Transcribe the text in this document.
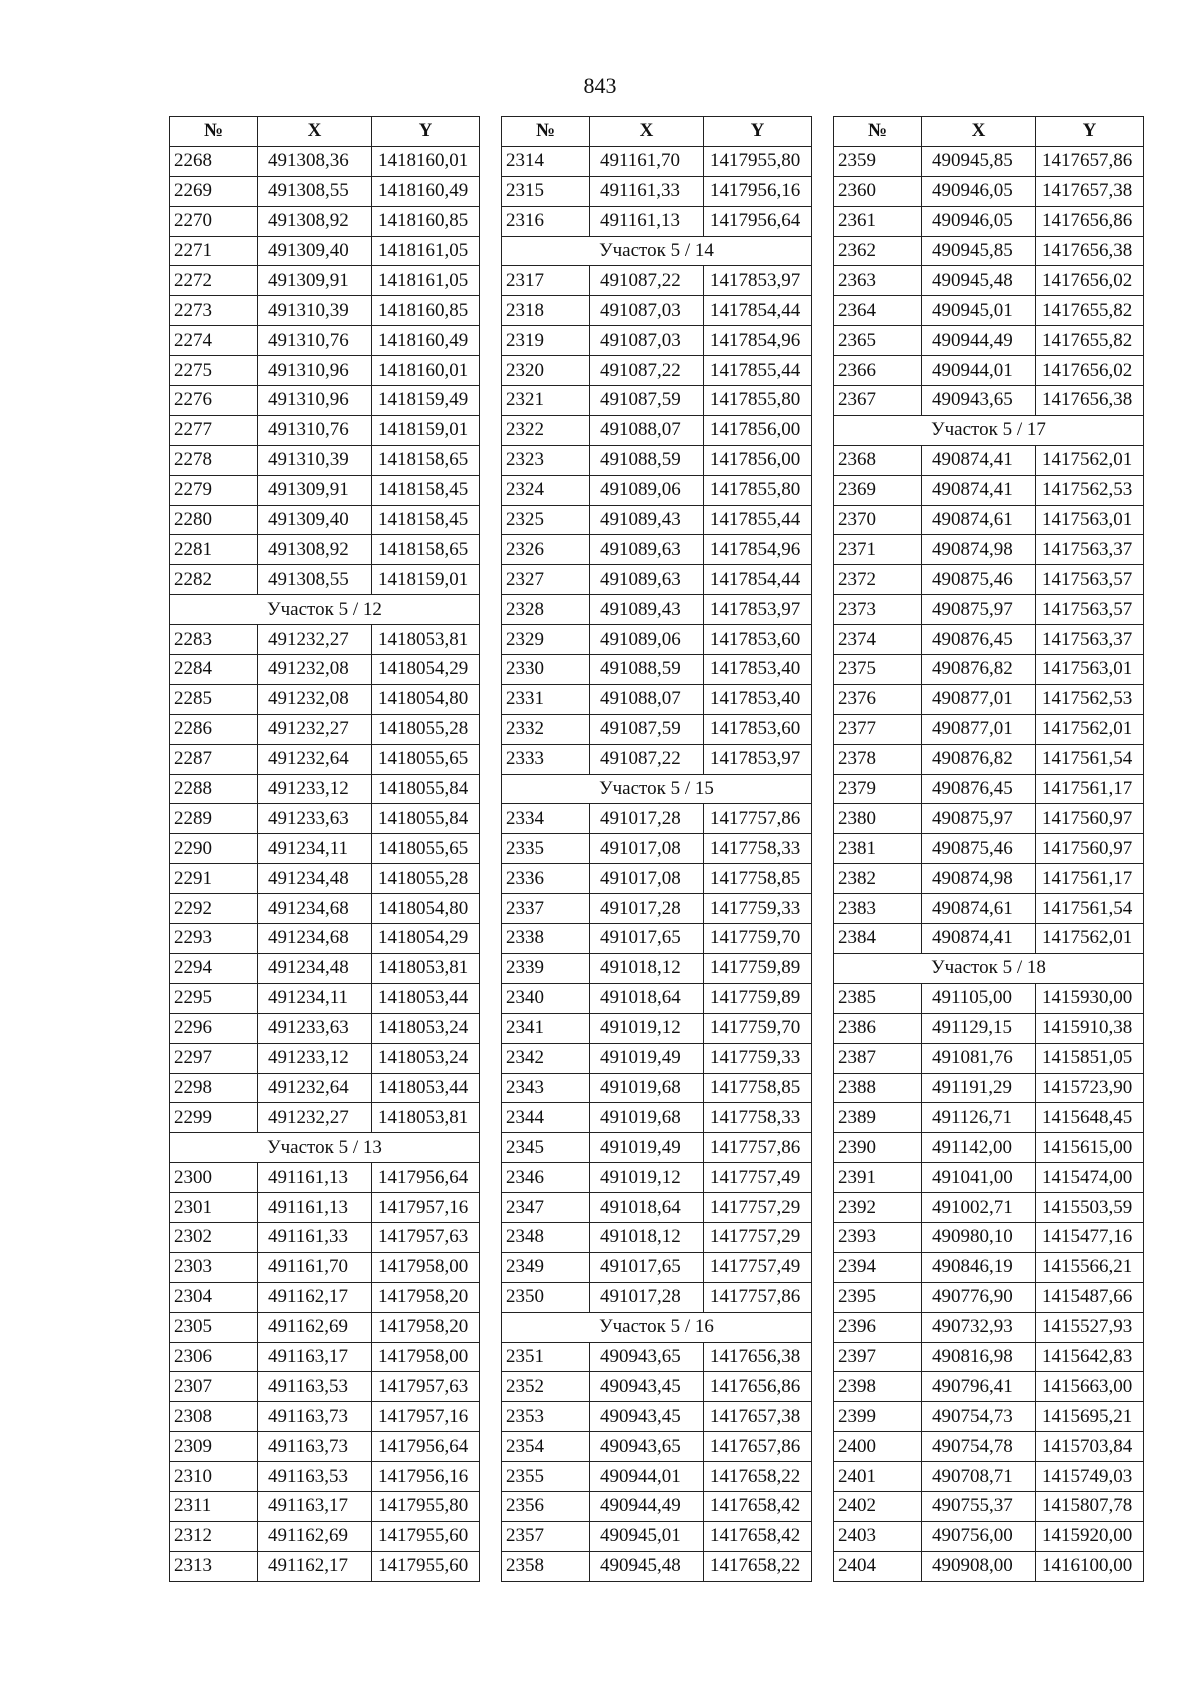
843
№	X	Y
2268	491308,36	1418160,01
2269	491308,55	1418160,49
2270	491308,92	1418160,85
2271	491309,40	1418161,05
2272	491309,91	1418161,05
2273	491310,39	1418160,85
2274	491310,76	1418160,49
2275	491310,96	1418160,01
2276	491310,96	1418159,49
2277	491310,76	1418159,01
2278	491310,39	1418158,65
2279	491309,91	1418158,45
2280	491309,40	1418158,45
2281	491308,92	1418158,65
2282	491308,55	1418159,01
Участок 5 / 12		
2283	491232,27	1418053,81
2284	491232,08	1418054,29
2285	491232,08	1418054,80
2286	491232,27	1418055,28
2287	491232,64	1418055,65
2288	491233,12	1418055,84
2289	491233,63	1418055,84
2290	491234,11	1418055,65
2291	491234,48	1418055,28
2292	491234,68	1418054,80
2293	491234,68	1418054,29
2294	491234,48	1418053,81
2295	491234,11	1418053,44
2296	491233,63	1418053,24
2297	491233,12	1418053,24
2298	491232,64	1418053,44
2299	491232,27	1418053,81
Участок 5 / 13		
2300	491161,13	1417956,64
2301	491161,13	1417957,16
2302	491161,33	1417957,63
2303	491161,70	1417958,00
2304	491162,17	1417958,20
2305	491162,69	1417958,20
2306	491163,17	1417958,00
2307	491163,53	1417957,63
2308	491163,73	1417957,16
2309	491163,73	1417956,64
2310	491163,53	1417956,16
2311	491163,17	1417955,80
2312	491162,69	1417955,60
2313	491162,17	1417955,60
№	X	Y
2314	491161,70	1417955,80
2315	491161,33	1417956,16
2316	491161,13	1417956,64
Участок 5 / 14		
2317	491087,22	1417853,97
2318	491087,03	1417854,44
2319	491087,03	1417854,96
2320	491087,22	1417855,44
2321	491087,59	1417855,80
2322	491088,07	1417856,00
2323	491088,59	1417856,00
2324	491089,06	1417855,80
2325	491089,43	1417855,44
2326	491089,63	1417854,96
2327	491089,63	1417854,44
2328	491089,43	1417853,97
2329	491089,06	1417853,60
2330	491088,59	1417853,40
2331	491088,07	1417853,40
2332	491087,59	1417853,60
2333	491087,22	1417853,97
Участок 5 / 15		
2334	491017,28	1417757,86
2335	491017,08	1417758,33
2336	491017,08	1417758,85
2337	491017,28	1417759,33
2338	491017,65	1417759,70
2339	491018,12	1417759,89
2340	491018,64	1417759,89
2341	491019,12	1417759,70
2342	491019,49	1417759,33
2343	491019,68	1417758,85
2344	491019,68	1417758,33
2345	491019,49	1417757,86
2346	491019,12	1417757,49
2347	491018,64	1417757,29
2348	491018,12	1417757,29
2349	491017,65	1417757,49
2350	491017,28	1417757,86
Участок 5 / 16		
2351	490943,65	1417656,38
2352	490943,45	1417656,86
2353	490943,45	1417657,38
2354	490943,65	1417657,86
2355	490944,01	1417658,22
2356	490944,49	1417658,42
2357	490945,01	1417658,42
2358	490945,48	1417658,22
№	X	Y
2359	490945,85	1417657,86
2360	490946,05	1417657,38
2361	490946,05	1417656,86
2362	490945,85	1417656,38
2363	490945,48	1417656,02
2364	490945,01	1417655,82
2365	490944,49	1417655,82
2366	490944,01	1417656,02
2367	490943,65	1417656,38
Участок 5 / 17		
2368	490874,41	1417562,01
2369	490874,41	1417562,53
2370	490874,61	1417563,01
2371	490874,98	1417563,37
2372	490875,46	1417563,57
2373	490875,97	1417563,57
2374	490876,45	1417563,37
2375	490876,82	1417563,01
2376	490877,01	1417562,53
2377	490877,01	1417562,01
2378	490876,82	1417561,54
2379	490876,45	1417561,17
2380	490875,97	1417560,97
2381	490875,46	1417560,97
2382	490874,98	1417561,17
2383	490874,61	1417561,54
2384	490874,41	1417562,01
Участок 5 / 18		
2385	491105,00	1415930,00
2386	491129,15	1415910,38
2387	491081,76	1415851,05
2388	491191,29	1415723,90
2389	491126,71	1415648,45
2390	491142,00	1415615,00
2391	491041,00	1415474,00
2392	491002,71	1415503,59
2393	490980,10	1415477,16
2394	490846,19	1415566,21
2395	490776,90	1415487,66
2396	490732,93	1415527,93
2397	490816,98	1415642,83
2398	490796,41	1415663,00
2399	490754,73	1415695,21
2400	490754,78	1415703,84
2401	490708,71	1415749,03
2402	490755,37	1415807,78
2403	490756,00	1415920,00
2404	490908,00	1416100,00
